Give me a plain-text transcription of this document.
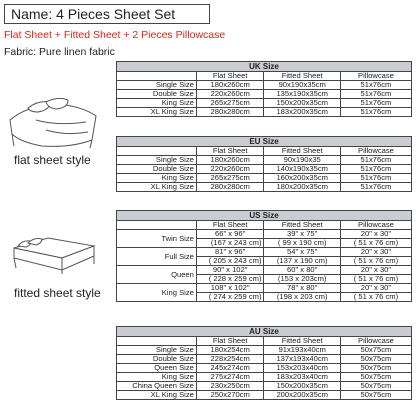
Name: 4 Pieces Sheet Set
Flat Sheet + Fitted Sheet + 2 Pieces Pillowcase
Fabric: Pure linen fabric
flat sheet style
fitted sheet style
UK Size
	Flat Sheet	Fitted Sheet	Pillowcase
Single Size	180x260cm	90x190x35cm	51x76cm
Double Size	220x260cm	135x190x35cm	51x76cm
King Size	265x275cm	150x200x35cm	51x76cm
XL King Size	280x280cm	183x200x35cm	51x76cm
EU Size
	Flat Sheet	Fitted Sheet	Pillowcase
Single Size	180x260cm	90x190x35	51x76cm
Double Size	220x260cm	140x190x35cm	51x76cm
King Size	265x275cm	160x200x35cm	51x76cm
XL King Size	280x280cm	180x200x35cm	51x76cm
US Size
	Flat Sheet	Fitted Sheet	Pillowcase
Twin Size	66" x 96"	39" x 75"	20" x 30"
	(167 x 243 cm)	( 99 x 190 cm)	( 51 x 76 cm)
Full Size	81" x 96"	54" x 75"	20" x 30"
	( 205 x 243 cm)	(137 x 190 cm)	( 51 x 76 cm)
Queen	90" x 102"	60" x 80"	20" x 30"
	( 228 x 259 cm)	(153 x 203cm)	( 51 x 76 cm)
King Size	108" x 102"	78" x 80"	20" x 30"
	( 274 x 259 cm)	(198 x 203 cm)	( 51 x 76 cm)
AU Size
	Flat Sheet	Fitted Sheet	Pillowcase
Single Size	180x254cm	91x193x40cm	50x75cm
Double Size	228x254cm	137x193x40cm	50x75cm
Queen Size	245x274cm	153x203x40cm	50x75cm
King Size	275x274cm	183x203x40cm	50x75cm
China Queen Size	230x250cm	150x200x35cm	50x75cm
XL King Size	250x270cm	200x200x35cm	50x75cm
